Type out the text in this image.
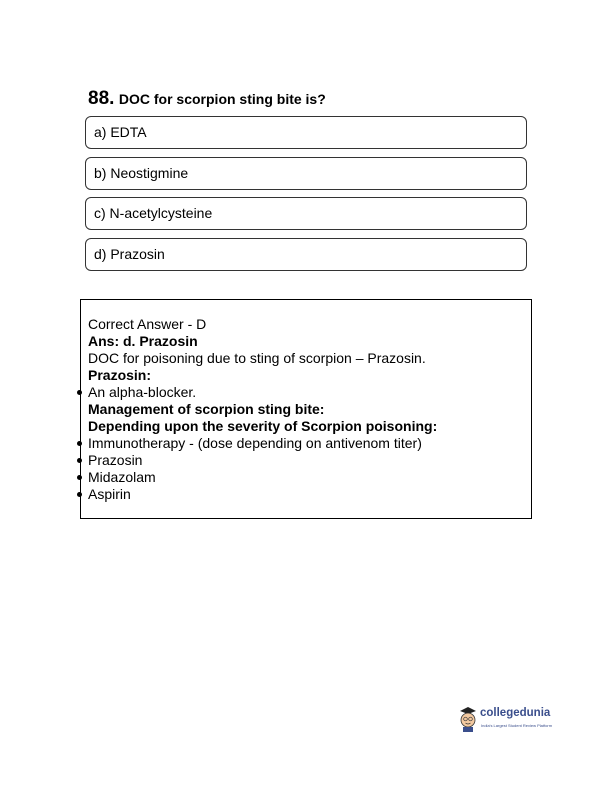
88. DOC for scorpion sting bite is?
a) EDTA
b) Neostigmine
c) N-acetylcysteine
d) Prazosin
Correct Answer - D
Ans: d. Prazosin
DOC for poisoning due to sting of scorpion – Prazosin.
Prazosin:
An alpha-blocker.
Management of scorpion sting bite:
Depending upon the severity of Scorpion poisoning:
Immunotherapy - (dose depending on antivenom titer)
Prazosin
Midazolam
Aspirin
collegedunia
India's Largest Student Review Platform
